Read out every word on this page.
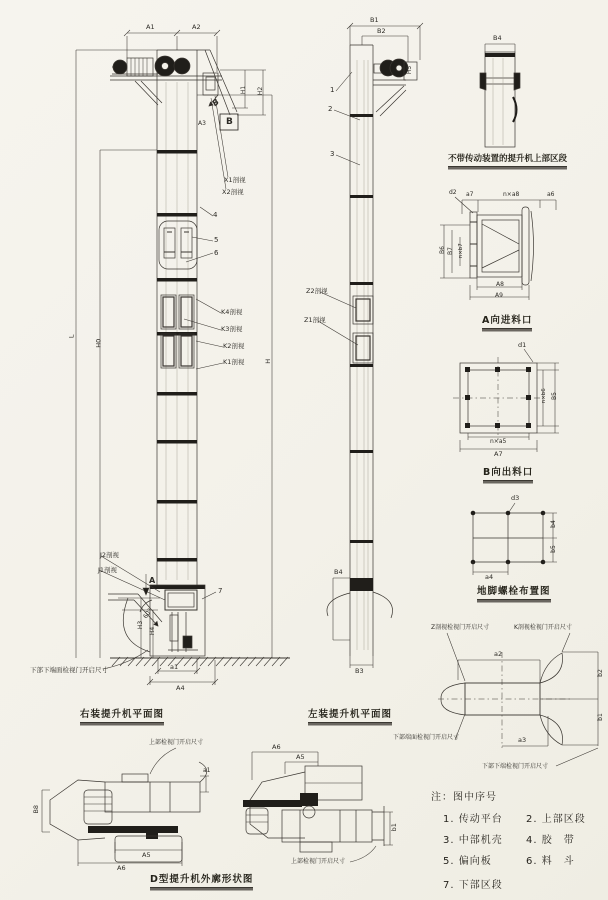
A1	A2
A3
H1 H2
L
H0
H
X1剖视
X2剖视
4
5
6
K4剖视
K3剖视
K2剖视
K1剖视
J2剖视
J1剖视
A
B
B
60°
H3
H4
a1
A4
7
下部下端面检视门开启尺寸
右装提升机平面图
B1
B2
H5
1
2
3
Z2剖视
Z1剖视
B4
B3
左装提升机平面图
B4
不带传动装置的提升机上部区段
d2 a7	n×a8	a6
B6 B7 n×b7
A8
A9
A向进料口
d1
n×b6 B5
n×a5
A7
B向出料口
d3
b4
b5
a4
地脚螺栓布置图
Z剖视检视门开启尺寸	K剖视检视门开启尺寸
a2
b2
b1
a3
下部端面检视门开启尺寸
下部下端检视门开启尺寸
上部检视门开启尺寸
a1
B8
A5
A6
A6
A5
b1
上部检视门开启尺寸
D型提升机外廓形状图
注：图中序号
1. 传动平台 2. 上部区段
3. 中部机壳 4. 胶　带
5. 偏向板	6. 料　斗
7. 下部区段
